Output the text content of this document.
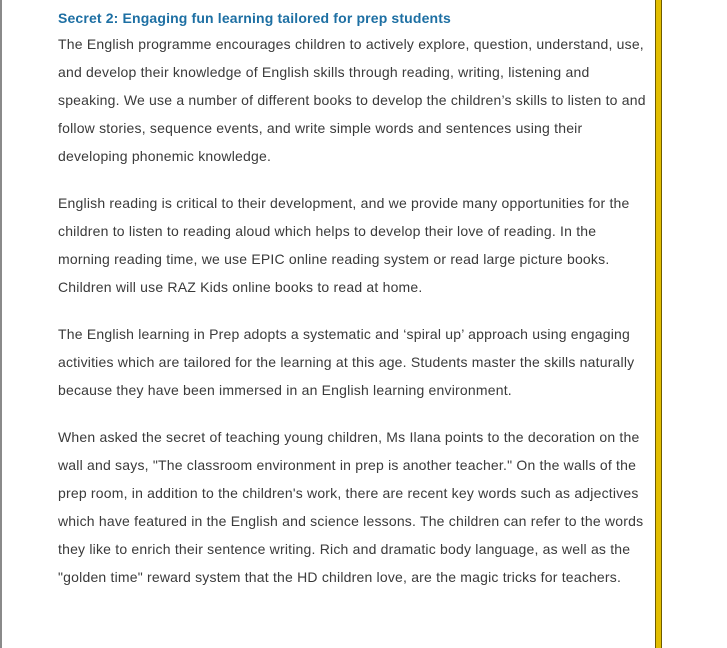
Secret 2: Engaging fun learning tailored for prep students

The English programme encourages children to actively explore, question, understand, use, and develop their knowledge of English skills through reading, writing, listening and speaking. We use a number of different books to develop the children’s skills to listen to and follow stories, sequence events, and write simple words and sentences using their developing phonemic knowledge.

English reading is critical to their development, and we provide many opportunities for the children to listen to reading aloud which helps to develop their love of reading. In the morning reading time, we use EPIC online reading system or read large picture books. Children will use RAZ Kids online books to read at home.

The English learning in Prep adopts a systematic and ‘spiral up’ approach using engaging activities which are tailored for the learning at this age. Students master the skills naturally because they have been immersed in an English learning environment.

When asked the secret of teaching young children, Ms Ilana points to the decoration on the wall and says, "The classroom environment in prep is another teacher." On the walls of the prep room, in addition to the children's work, there are recent key words such as adjectives which have featured in the English and science lessons. The children can refer to the words they like to enrich their sentence writing. Rich and dramatic body language, as well as the "golden time" reward system that the HD children love, are the magic tricks for teachers.
